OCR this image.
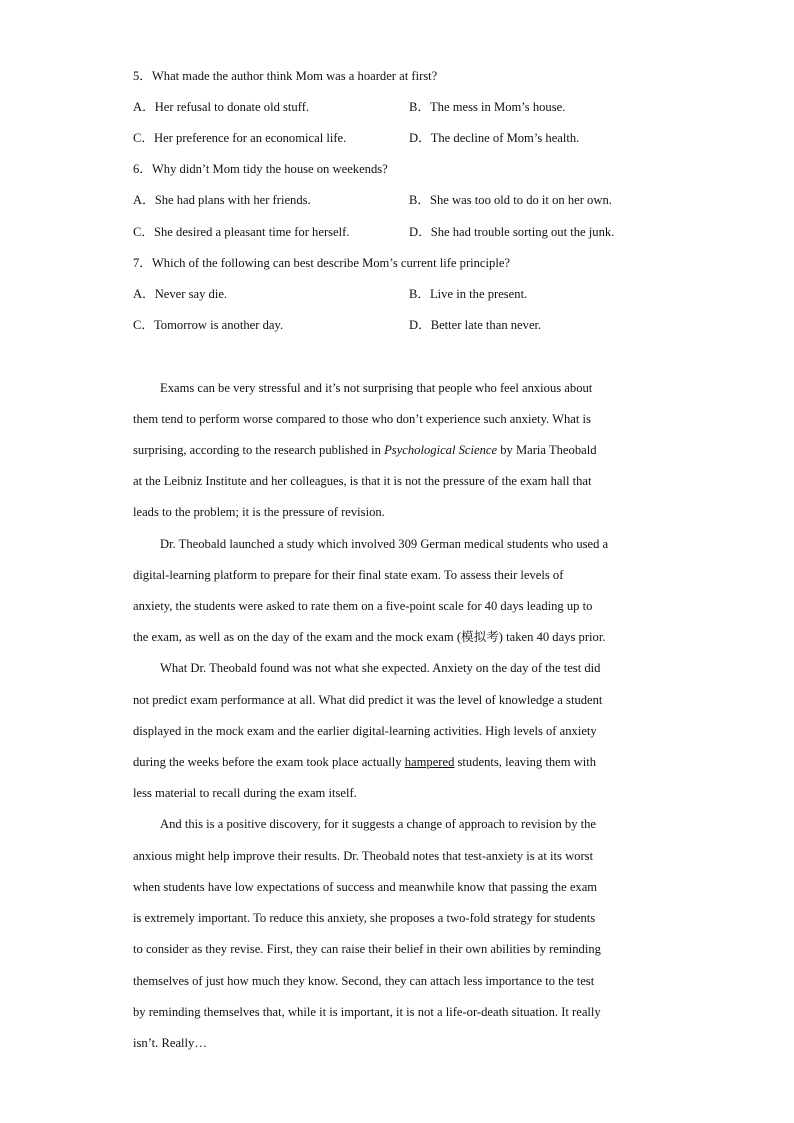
5．What made the author think Mom was a hoarder at first?
A．Her refusal to donate old stuff.	B．The mess in Mom’s house.
C．Her preference for an economical life.	D．The decline of Mom’s health.
6．Why didn’t Mom tidy the house on weekends?
A．She had plans with her friends.	B．She was too old to do it on her own.
C．She desired a pleasant time for herself.	D．She had trouble sorting out the junk.
7．Which of the following can best describe Mom’s current life principle?
A．Never say die.	B．Live in the present.
C．Tomorrow is another day.	D．Better late than never.
Exams can be very stressful and it’s not surprising that people who feel anxious about
them tend to perform worse compared to those who don’t experience such anxiety. What is
surprising, according to the research published in Psychological Science by Maria Theobald
at the Leibniz Institute and her colleagues, is that it is not the pressure of the exam hall that
leads to the problem; it is the pressure of revision.
Dr. Theobald launched a study which involved 309 German medical students who used a
digital-learning platform to prepare for their final state exam. To assess their levels of
anxiety, the students were asked to rate them on a five-point scale for 40 days leading up to
the exam, as well as on the day of the exam and the mock exam (模拟考) taken 40 days prior.
What Dr. Theobald found was not what she expected. Anxiety on the day of the test did
not predict exam performance at all. What did predict it was the level of knowledge a student
displayed in the mock exam and the earlier digital-learning activities. High levels of anxiety
during the weeks before the exam took place actually hampered students, leaving them with
less material to recall during the exam itself.
And this is a positive discovery, for it suggests a change of approach to revision by the
anxious might help improve their results. Dr. Theobald notes that test-anxiety is at its worst
when students have low expectations of success and meanwhile know that passing the exam
is extremely important. To reduce this anxiety, she proposes a two-fold strategy for students
to consider as they revise. First, they can raise their belief in their own abilities by reminding
themselves of just how much they know. Second, they can attach less importance to the test
by reminding themselves that, while it is important, it is not a life-or-death situation. It really
isn’t. Really…
